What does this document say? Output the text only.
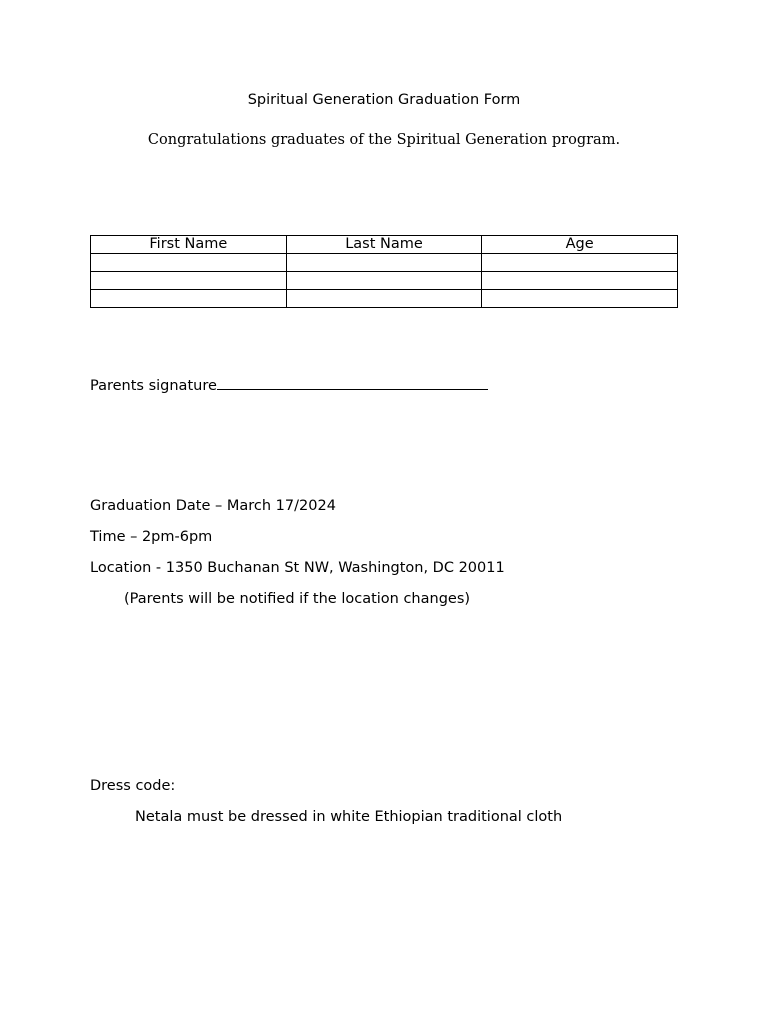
Spiritual Generation Graduation Form
Congratulations graduates of the Spiritual Generation program.
First Name	Last Name	Age

Parents signature
Graduation Date – March 17/2024
Time – 2pm-6pm
Location - 1350 Buchanan St NW, Washington, DC 20011
(Parents will be notified if the location changes)
Dress code:
Netala must be dressed in white Ethiopian traditional cloth
